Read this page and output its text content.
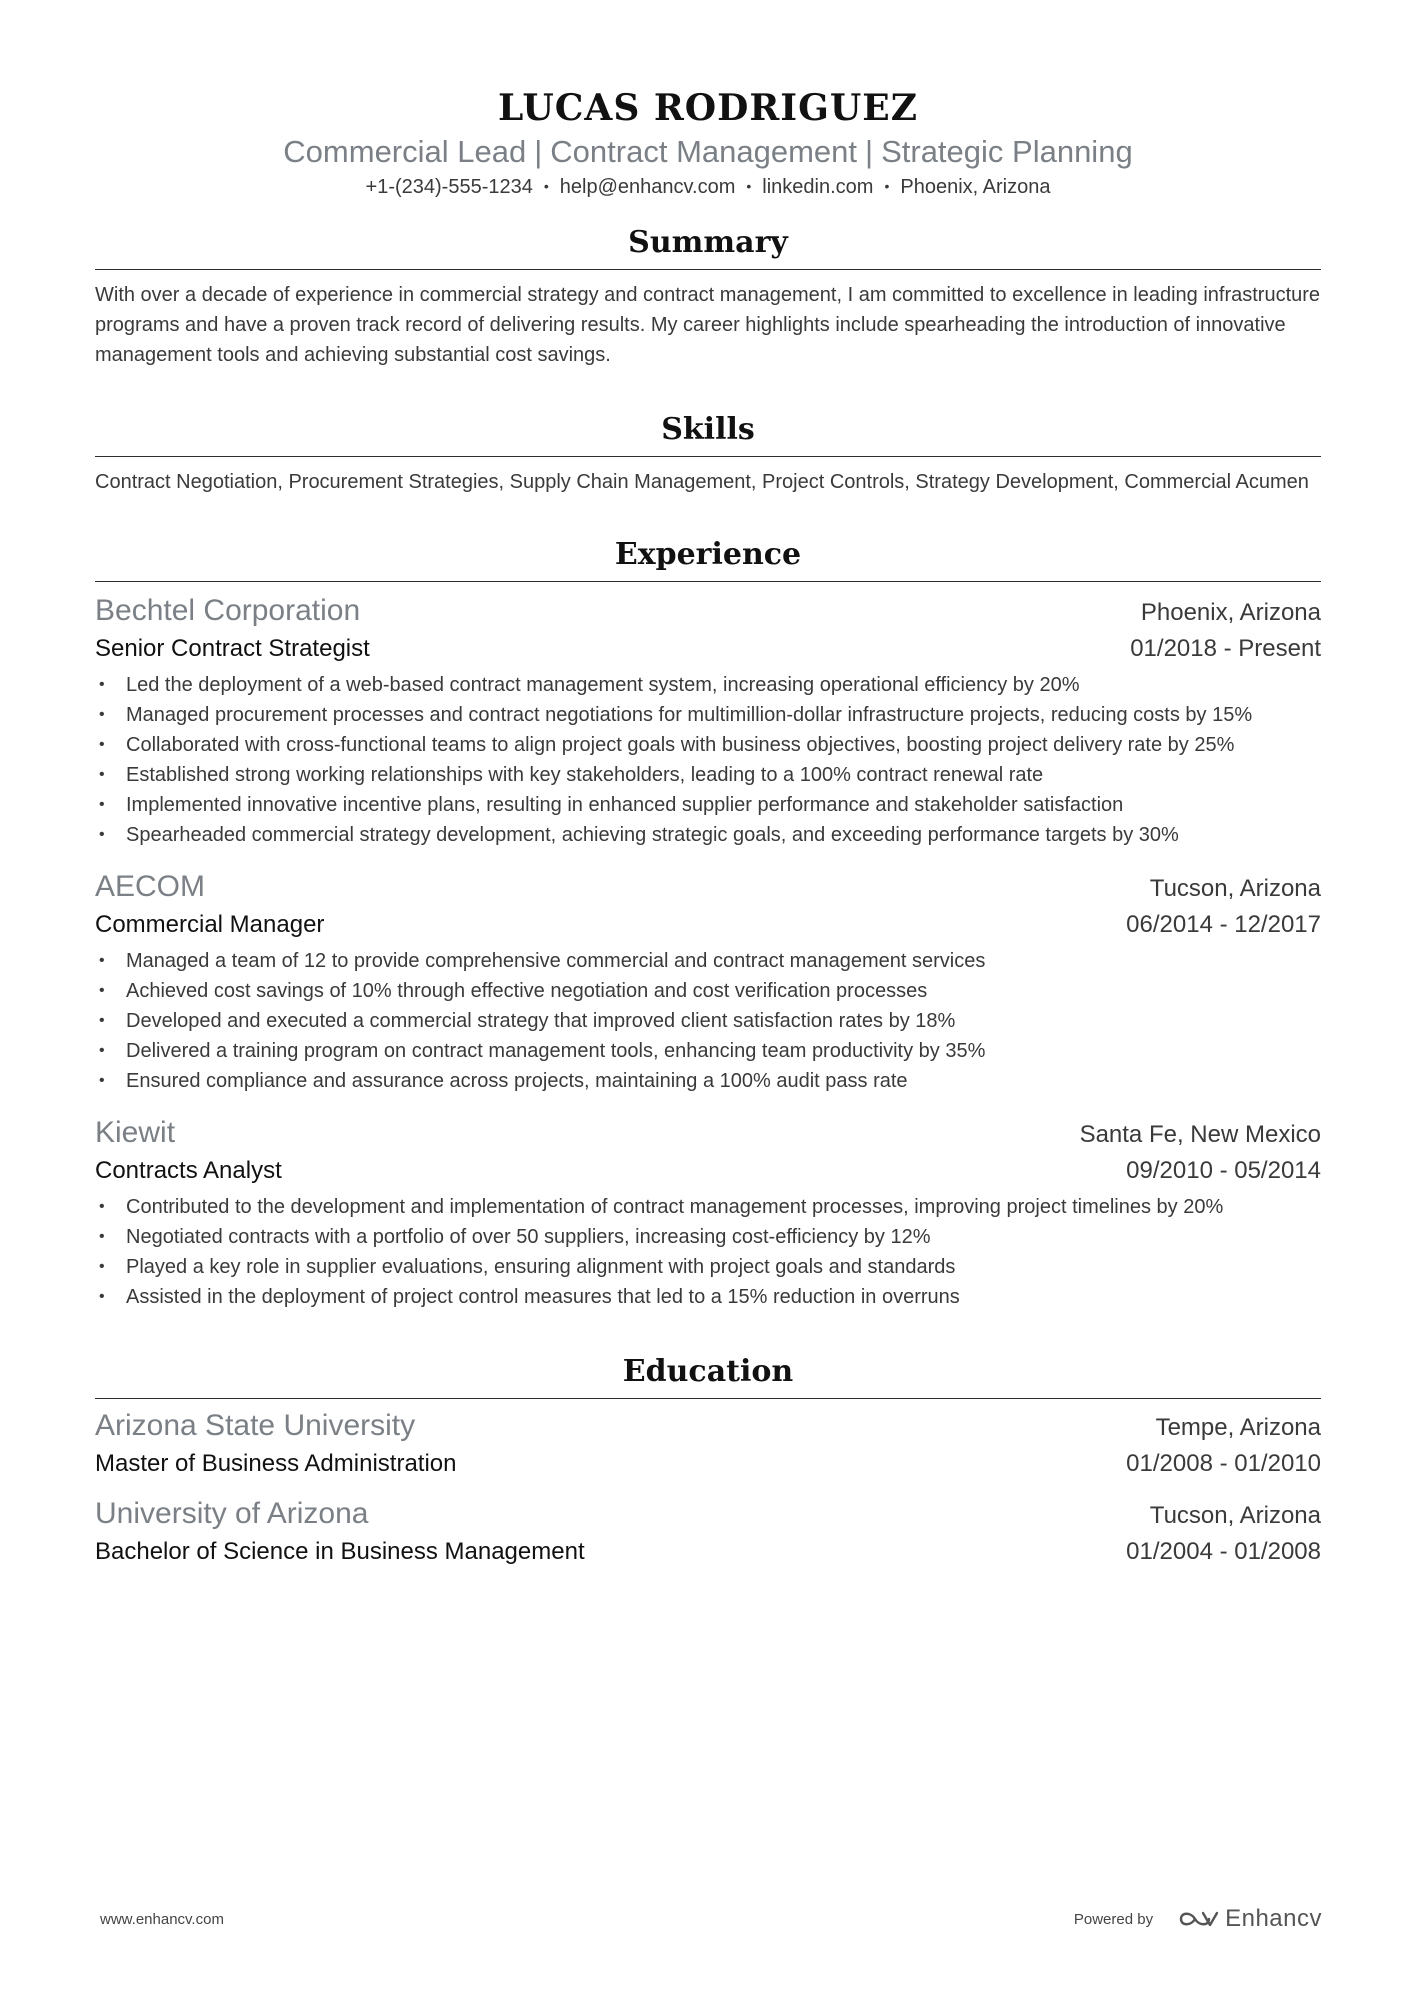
LUCAS RODRIGUEZ
Commercial Lead | Contract Management | Strategic Planning
+1-(234)-555-1234 • help@enhancv.com • linkedin.com • Phoenix, Arizona
Summary

With over a decade of experience in commercial strategy and contract management, I am committed to excellence in leading infrastructure programs and have a proven track record of delivering results. My career highlights include spearheading the introduction of innovative management tools and achieving substantial cost savings.

Skills

Contract Negotiation, Procurement Strategies, Supply Chain Management, Project Controls, Strategy Development, Commercial Acumen

Experience
Bechtel Corporation	Phoenix, Arizona
Senior Contract Strategist	01/2018 - Present
• Led the deployment of a web-based contract management system, increasing operational efficiency by 20%
• Managed procurement processes and contract negotiations for multimillion-dollar infrastructure projects, reducing costs by 15%
• Collaborated with cross-functional teams to align project goals with business objectives, boosting project delivery rate by 25%
• Established strong working relationships with key stakeholders, leading to a 100% contract renewal rate
• Implemented innovative incentive plans, resulting in enhanced supplier performance and stakeholder satisfaction
• Spearheaded commercial strategy development, achieving strategic goals, and exceeding performance targets by 30%
AECOM	Tucson, Arizona
Commercial Manager	06/2014 - 12/2017
• Managed a team of 12 to provide comprehensive commercial and contract management services
• Achieved cost savings of 10% through effective negotiation and cost verification processes
• Developed and executed a commercial strategy that improved client satisfaction rates by 18%
• Delivered a training program on contract management tools, enhancing team productivity by 35%
• Ensured compliance and assurance across projects, maintaining a 100% audit pass rate
Kiewit	Santa Fe, New Mexico
Contracts Analyst	09/2010 - 05/2014
• Contributed to the development and implementation of contract management processes, improving project timelines by 20%
• Negotiated contracts with a portfolio of over 50 suppliers, increasing cost-efficiency by 12%
• Played a key role in supplier evaluations, ensuring alignment with project goals and standards
• Assisted in the deployment of project control measures that led to a 15% reduction in overruns
Education
Arizona State University	Tempe, Arizona
Master of Business Administration	01/2008 - 01/2010
University of Arizona	Tucson, Arizona
Bachelor of Science in Business Management	01/2004 - 01/2008
www.enhancv.com	Powered by	Enhancv
